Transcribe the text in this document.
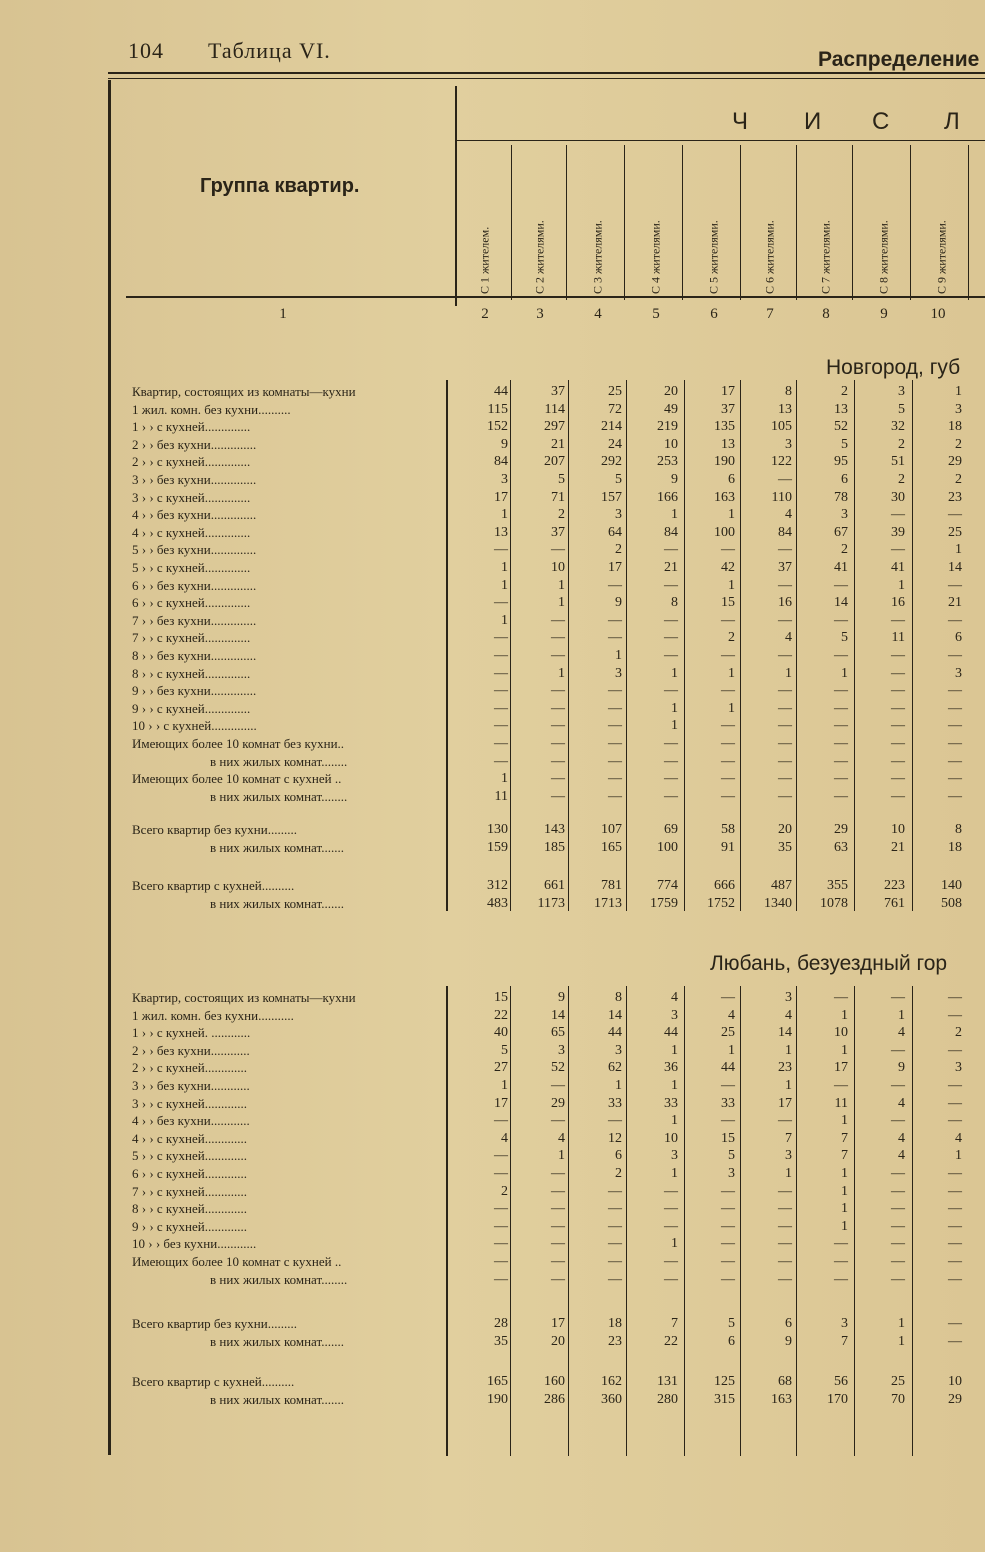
104 Таблица VI.	Распределение
Группа квартир.
Ч И С Л
С 1 жителем.	С 2 жителями.	С 3 жителями.	С 4 жителями.	С 5 жителями.	С 6 жителями.	С 7 жителями.	С 8 жителями.	С 9 жителями.
1	2	3	4	5	6	7	8	9	10
Новгород, губ
Квартир, состоящих из комнаты—кухни	44	37	25	20	17	8	2	3	1
1 жил. комн. без кухни..........	115	114	72	49	37	13	13	5	3
1 › › с кухней..............	152	297	214	219	135	105	52	32	18
2 › › без кухни..............	9	21	24	10	13	3	5	2	2
2 › › с кухней..............	84	207	292	253	190	122	95	51	29
3 › › без кухни..............	3	5	5	9	6	—	6	2	2
3 › › с кухней..............	17	71	157	166	163	110	78	30	23
4 › › без кухни..............	1	2	3	1	1	4	3	—	—
4 › › с кухней..............	13	37	64	84	100	84	67	39	25
5 › › без кухни..............	—	—	2	—	—	—	2	—	1
5 › › с кухней..............	1	10	17	21	42	37	41	41	14
6 › › без кухни..............	1	1	—	—	1	—	—	1	—
6 › › с кухней..............	—	1	9	8	15	16	14	16	21
7 › › без кухни..............	1	—	—	—	—	—	—	—	—
7 › › с кухней..............	—	—	—	—	2	4	5	11	6
8 › › без кухни..............	—	—	1	—	—	—	—	—	—
8 › › с кухней..............	—	1	3	1	1	1	1	—	3
9 › › без кухни..............	—	—	—	—	—	—	—	—	—
9 › › с кухней..............	—	—	—	1	1	—	—	—	—
10 › › с кухней..............	—	—	—	1	—	—	—	—	—
Имеющих более 10 комнат без кухни..	—	—	—	—	—	—	—	—	—
в них жилых комнат........	—	—	—	—	—	—	—	—	—
Имеющих более 10 комнат с кухней ..	1	—	—	—	—	—	—	—	—
в них жилых комнат........	11	—	—	—	—	—	—	—	—
Всего квартир без кухни.........	130	143	107	69	58	20	29	10	8
в них жилых комнат.......	159	185	165	100	91	35	63	21	18
Всего квартир с кухней..........	312	661	781	774	666	487	355	223	140
в них жилых комнат.......	483	1173	1713	1759	1752	1340	1078	761	508
Любань, безуездный гор
Квартир, состоящих из комнаты—кухни	15	9	8	4	—	3	—	—	—
1 жил. комн. без кухни...........	22	14	14	3	4	4	1	1	—
1 › › с кухней. ............	40	65	44	44	25	14	10	4	2
2 › › без кухни............	5	3	3	1	1	1	1	—	—
2 › › с кухней.............	27	52	62	36	44	23	17	9	3
3 › › без кухни............	1	—	1	1	—	1	—	—	—
3 › › с кухней.............	17	29	33	33	33	17	11	4	—
4 › › без кухни............	—	—	—	1	—	—	1	—	—
4 › › с кухней.............	4	4	12	10	15	7	7	4	4
5 › › с кухней.............	—	1	6	3	5	3	7	4	1
6 › › с кухней.............	—	—	2	1	3	1	1	—	—
7 › › с кухней.............	2	—	—	—	—	—	1	—	—
8 › › с кухней.............	—	—	—	—	—	—	1	—	—
9 › › с кухней.............	—	—	—	—	—	—	1	—	—
10 › › без кухни............	—	—	—	1	—	—	—	—	—
Имеющих более 10 комнат с кухней ..	—	—	—	—	—	—	—	—	—
в них жилых комнат........	—	—	—	—	—	—	—	—	—
Всего квартир без кухни.........	28	17	18	7	5	6	3	1	—
в них жилых комнат.......	35	20	23	22	6	9	7	1	—
Всего квартир с кухней..........	165	160	162	131	125	68	56	25	10
в них жилых комнат.......	190	286	360	280	315	163	170	70	29
